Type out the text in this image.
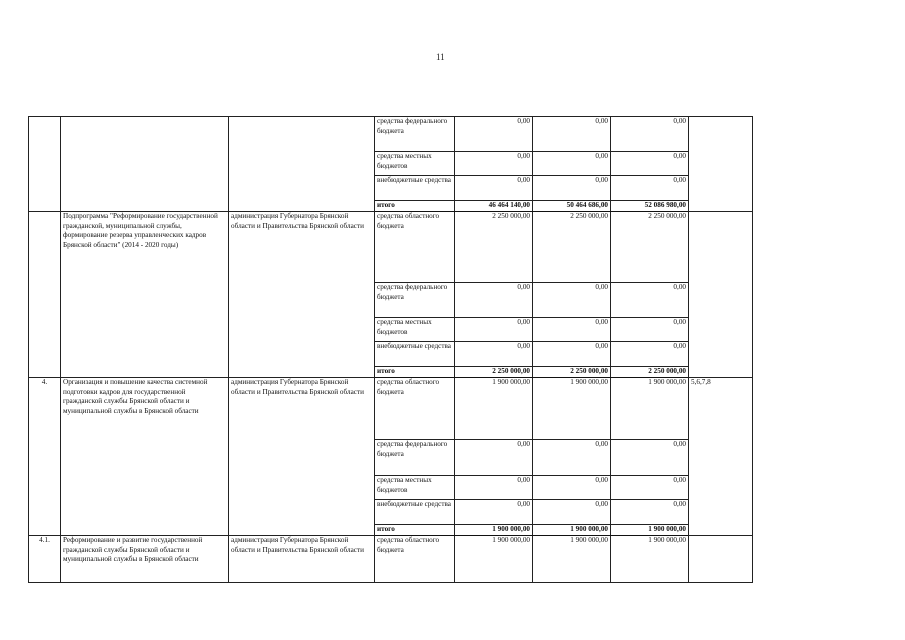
11
			средства федерального бюджета	0,00	0,00	0,00	
			средства местных бюджетов	0,00	0,00	0,00	
			внебюджетные средства	0,00	0,00	0,00	
			итого	46 464 140,00	50 464 686,00	52 086 980,00	
	Подпрограмма "Реформирование государственной гражданской, муниципальной службы, формирование резерва управленческих кадров Брянской области" (2014 - 2020 годы)	администрация Губернатора Брянской области и Правительства Брянской области	средства областного бюджета	2 250 000,00	2 250 000,00	2 250 000,00	
			средства федерального бюджета	0,00	0,00	0,00	
			средства местных бюджетов	0,00	0,00	0,00	
			внебюджетные средства	0,00	0,00	0,00	
			итого	2 250 000,00	2 250 000,00	2 250 000,00	
4.	Организация и повышение качества системной подготовки кадров для государственной гражданской службы Брянской области и муниципальной службы в Брянской области	администрация Губернатора Брянской области и Правительства Брянской области	средства областного бюджета	1 900 000,00	1 900 000,00	1 900 000,00	5,6,7,8
			средства федерального бюджета	0,00	0,00	0,00	
			средства местных бюджетов	0,00	0,00	0,00	
			внебюджетные средства	0,00	0,00	0,00	
			итого	1 900 000,00	1 900 000,00	1 900 000,00	
4.1.	Реформирование и развитие государственной гражданской службы Брянской области и муниципальной службы в Брянской области	администрация Губернатора Брянской области и Правительства Брянской области	средства областного бюджета	1 900 000,00	1 900 000,00	1 900 000,00	
